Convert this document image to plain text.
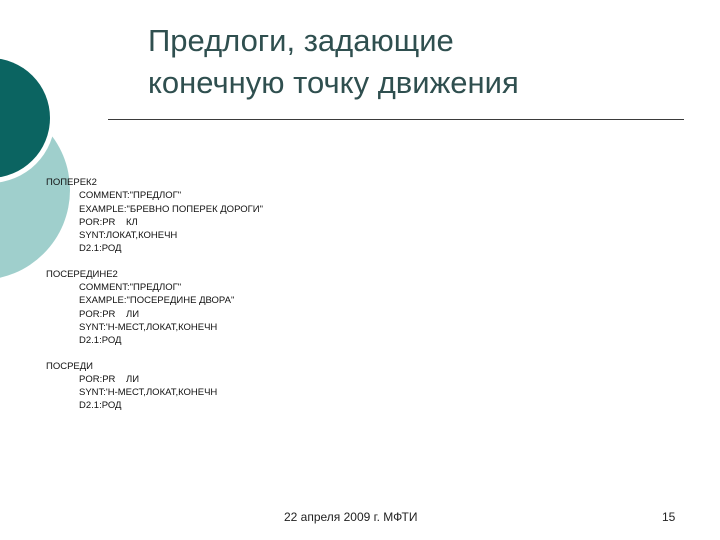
Предлоги, задающие
конечную точку движения
ПОПЕРЕК2
COMMENT:"ПРЕДЛОГ"
EXAMPLE:"БРЕВНО ПОПЕРЕК ДОРОГИ"
POR:PR    КЛ
SYNT:ЛОКАТ,КОНЕЧН
D2.1:РОД
ПОСЕРЕДИНЕ2
COMMENT:"ПРЕДЛОГ"
EXAMPLE:"ПОСЕРЕДИНЕ ДВОРА"
POR:PR    ЛИ
SYNT:'Н-МЕСТ,ЛОКАТ,КОНЕЧН
D2.1:РОД
ПОСРЕДИ
POR:PR    ЛИ
SYNT:'Н-МЕСТ,ЛОКАТ,КОНЕЧН
D2.1:РОД
22 апреля 2009 г. МФТИ	15
